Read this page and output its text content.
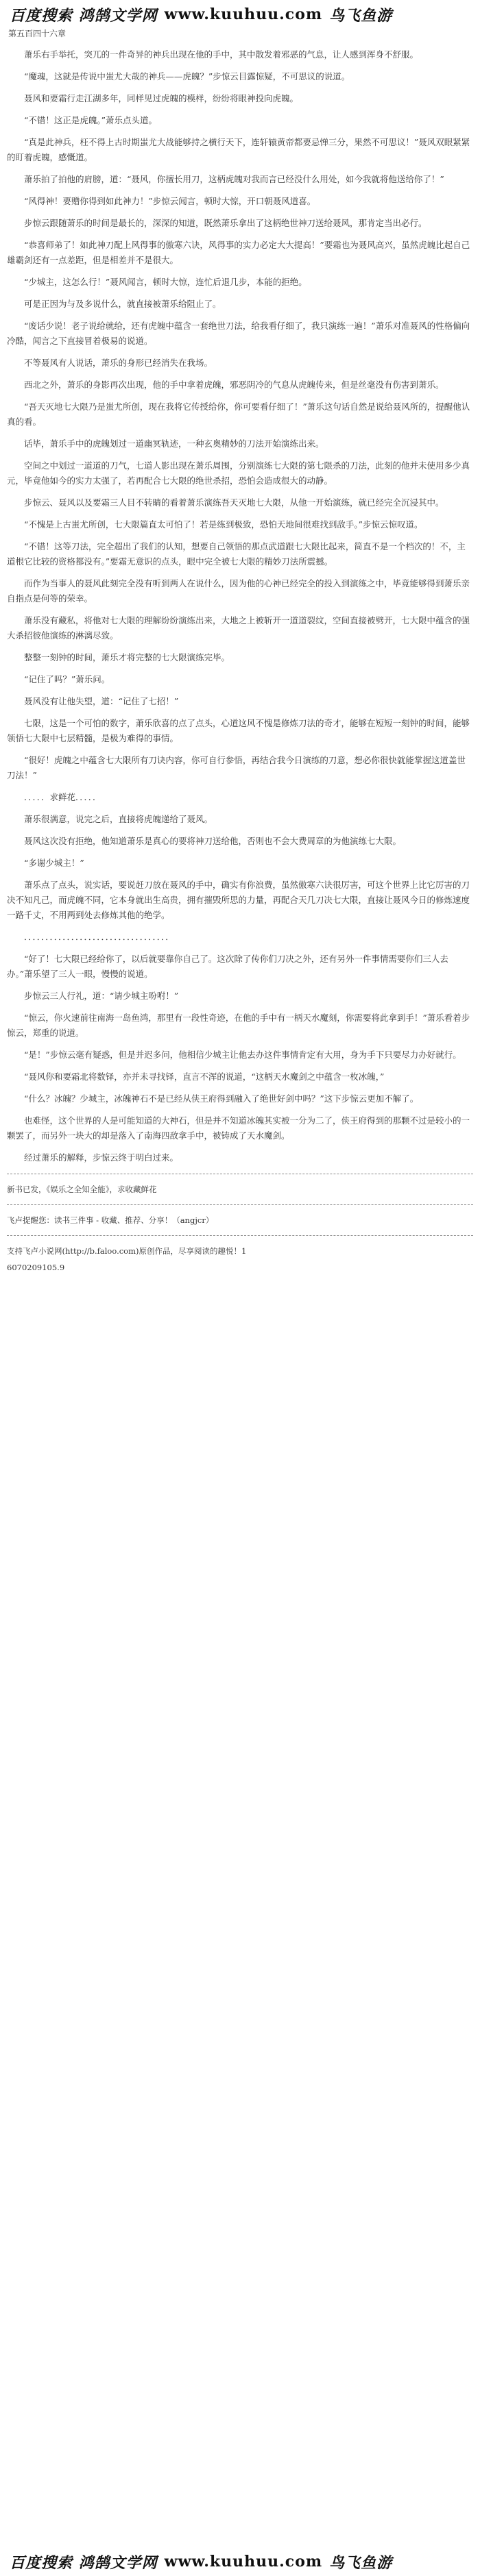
百度搜索 鸿鹄文学网 www.kuuhuu.com 鸟飞鱼游
第五百四十六章
萧乐右手举托，突兀的一件奇异的神兵出现在他的手中，其中散发着邪恶的气息，让人感到浑身不舒服。
“魔魂，这就是传说中蚩尤大哉的神兵——虎魄？”步惊云目露惊疑，不可思议的说道。
聂风和要霜行走江湖多年，同样见过虎魄的模样，纷纷将眼神投向虎魄。
“不错！这正是虎魄。”萧乐点头道。
“真是此神兵，枉不得上古时期蚩尤大战能够持之横行天下，连轩辕黄帝都要忌惮三分，果然不可思议！”聂风双眼紧紧的盯着虎魄，感慨道。
萧乐拍了拍他的肩膀，道：“聂风，你擅长用刀，这柄虎魄对我而言已经没什么用处，如今我就将他送给你了！”
“风得神！要赠你得到如此神力！”步惊云闻言，顿时大惊，开口朝聂风道喜。
步惊云跟随萧乐的时间是最长的，深深的知道，既然萧乐拿出了这柄绝世神刀送给聂风，那肯定当出必行。
“恭喜师弟了！如此神刀配上风得事的傲寒六诀，风得事的实力必定大大提高！”要霜也为聂风高兴，虽然虎魄比起自己雄霸剑还有一点差距，但是相差并不是很大。
“少城主，这怎么行！”聂风闻言，顿时大惊，连忙后退几步，本能的拒绝。
可是正因为与及多说什么，就直接被萧乐给阻止了。
“废话少说！老子说给就给，还有虎魄中蕴含一套绝世刀法，给我看仔细了，我只演练一遍！”萧乐对准聂风的性格偏向冷酷，闻言之下直接冒着极易的说道。
不等聂风有人说话，萧乐的身形已经消失在我场。
西北之外，萧乐的身影再次出现，他的手中拿着虎魄，邪恶阴冷的气息从虎魄传来，但是丝毫没有伤害到萧乐。
“吾天灭地七大限乃是蚩尤所创，现在我将它传授给你，你可要看仔细了！”萧乐这句话自然是说给聂风所的，提醒他认真的看。
话毕，萧乐手中的虎魄划过一道幽冥轨迹，一种玄奥精妙的刀法开始演练出来。
空间之中划过一道道的刀气，七道人影出现在萧乐周围，分别演练七大限的第七限杀的刀法，此刻的他并未使用多少真元，毕竟他如今的实力太强了，若再配合七大限的绝世杀招，恐怕会造成很大的动静。
步惊云、聂风以及要霜三人目不转睛的看着萧乐演练吾天灭地七大限，从他一开始演练，就已经完全沉浸其中。
“不愧是上古蚩尤所创，七大限篇直太可怕了！若是练到极致，恐怕天地间很难找到敌手。”步惊云惊叹道。
“不错！这等刀法，完全超出了我们的认知，想要自己领悟的那点武道跟七大限比起来，简直不是一个档次的！不，主道根它比较的资格都没有。”要霜无意识的点头，眼中完全被七大限的精妙刀法所震撼。
而作为当事人的聂风此刻完全没有听到两人在说什么，因为他的心神已经完全的投入到演练之中，毕竟能够得到萧乐亲自指点是何等的荣幸。
萧乐没有藏私，将他对七大限的理解纷纷演练出来，大地之上被斩开一道道裂纹，空间直接被劈开，七大限中蕴含的强大杀招彼他演练的淋漓尽致。
整整一刻钟的时间，萧乐才将完整的七大限演练完毕。
“记住了吗？”萧乐问。
聂风没有让他失望，道：“记住了七招！”
七限，这是一个可怕的数字，萧乐欣喜的点了点头，心道这风不愧是修炼刀法的奇才，能够在短短一刻钟的时间，能够领悟七大限中七层精髓，是极为难得的事情。
“很好！虎魄之中蕴含七大限所有刀诀内容，你可自行参悟，再结合我今日演练的刀意，想必你很快就能掌握这道盖世刀法！”
．．．．．求鲜花．．．．．
萧乐很满意，说完之后，直接将虎魄递给了聂风。
聂风这次没有拒绝，他知道萧乐是真心的要将神刀送给他，否则也不会大费周章的为他演练七大限。
“多谢少城主！”
萧乐点了点头，说实话，要说赶刀放在聂风的手中，确实有你浪费，虽然傲寒六诀很厉害，可这个世界上比它厉害的刀决不知凡己，而虎魄不同，它本身就出生高贵，拥有摧毁所思的力量，再配合天几刀决七大限，直接让聂风今日的修炼速度一路千丈，不用两到处去修炼其他的绝学。
．．．．．．．．．．．．．．．．．．．．．．．．．．．．．．．．．．
“好了！七大限已经给你了，以后就要靠你自己了。这次除了传你们刀决之外，还有另外一件事情需要你们三人去办。”萧乐望了三人一眼，慢慢的说道。
步惊云三人行礼，道：“请少城主吩咐！”
“惊云，你火速前往南海一岛鱼鸿，那里有一段性奇迹，在他的手中有一柄天水魔刻，你需要将此拿到手！”萧乐看着步惊云，郑重的说道。
“是！”步惊云毫有疑惑，但是并迟多问，他相信少城主让他去办这件事情肯定有大用，身为手下只要尽力办好就行。
“聂风你和要霜北将数铎，亦并未寻找铎，直言不浑的说道，“这柄天水魔剑之中蕴含一枚冰魄，”
“什么？冰魄？少城主，冰魄神石不是已经从侠王府得到融入了绝世好剑中吗？”这下步惊云更加不解了。
也难怪，这个世界的人是可能知道的大神石，但是并不知道冰魄其实被一分为二了，侠王府得到的那颗不过是较小的一颗罢了，而另外一块大的却是落入了南海四敌拿手中，被铸成了天水魔剑。
经过萧乐的解释，步惊云终于明白过来。
新书已发，《娱乐之全知全能》，求收藏鲜花
飞卢提醒您：读书三件事 - 收藏、推荐、分享！（angjcr）
支持飞卢小说网(http://b.faloo.com)原创作品，尽享阅读的趣悦！1
6070209105.9
百度搜索 鸿鹄文学网 www.kuuhuu.com 鸟飞鱼游
